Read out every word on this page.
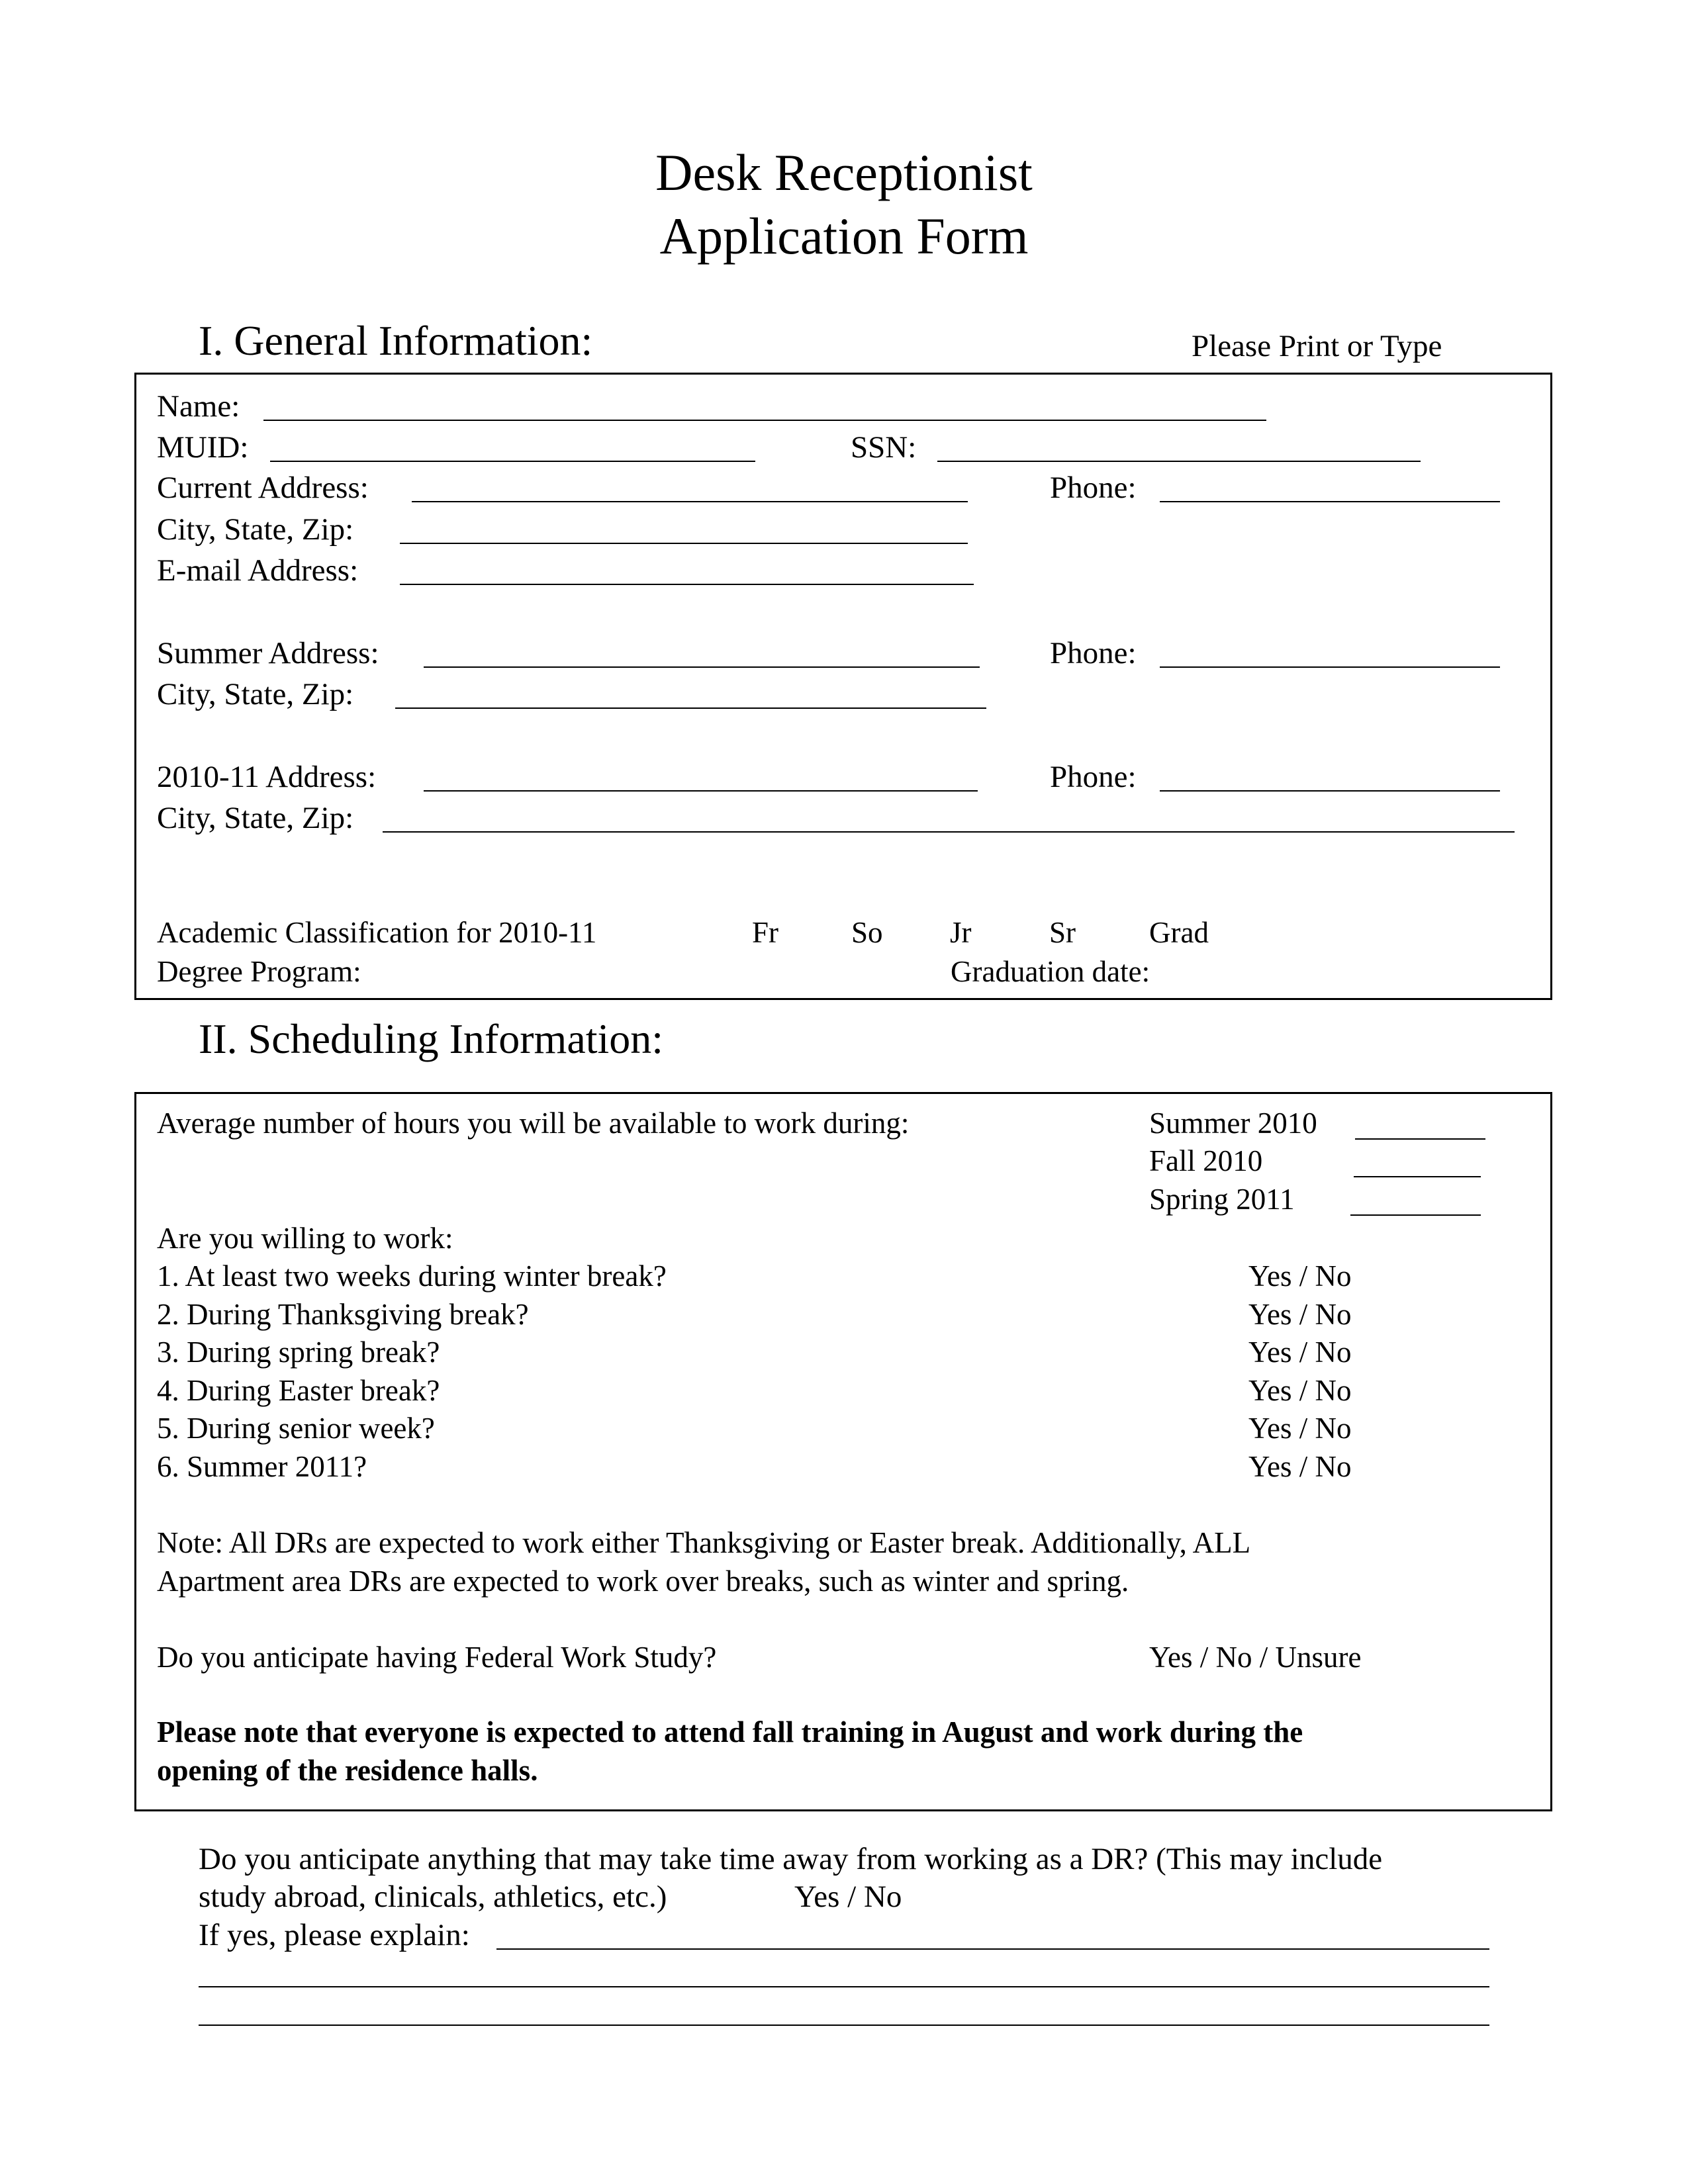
Desk Receptionist
Application Form
I. General Information:	Please Print or Type
Name:
MUID:	SSN:
Current Address:	Phone:
City, State, Zip:
E-mail Address:
Summer Address:	Phone:
City, State, Zip:
2010-11 Address:	Phone:
City, State, Zip:
Academic Classification for 2010-11	Fr So Jr	Sr Grad
Degree Program:	Graduation date:
II. Scheduling Information:
Average number of hours you will be available to work during:	Summer 2010
Fall 2010
Spring 2011
Are you willing to work:
1. At least two weeks during winter break?	Yes / No
2. During Thanksgiving break?	Yes / No
3. During spring break?	Yes / No
4. During Easter break?	Yes / No
5. During senior week?	Yes / No
6. Summer 2011?	Yes / No
Note: All DRs are expected to work either Thanksgiving or Easter break. Additionally, ALL
Apartment area DRs are expected to work over breaks, such as winter and spring.
Do you anticipate having Federal Work Study?	Yes / No / Unsure
Please note that everyone is expected to attend fall training in August and work during the
opening of the residence halls.
Do you anticipate anything that may take time away from working as a DR? (This may include
study abroad, clinicals, athletics, etc.)	Yes / No
If yes, please explain:
